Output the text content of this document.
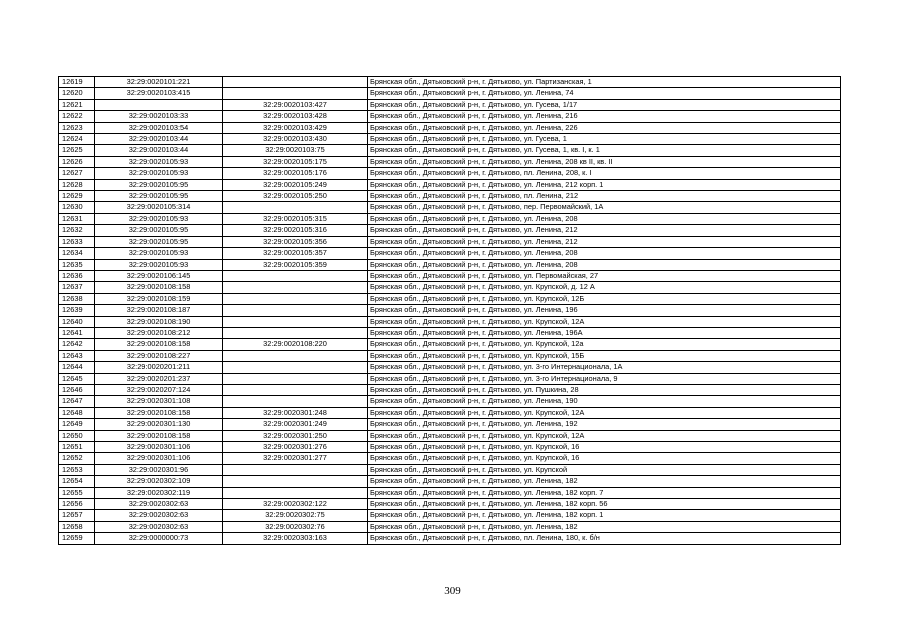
12619	32:29:0020101:221		Брянская обл., Дятьковский р-н, г. Дятьково, ул. Партизанская, 1
12620	32:29:0020103:415		Брянская обл., Дятьковский р-н, г. Дятьково, ул. Ленина, 74
12621		32:29:0020103:427	Брянская обл., Дятьковский р-н, г. Дятьково, ул. Гусева, 1/17
12622	32:29:0020103:33	32:29:0020103:428	Брянская обл., Дятьковский р-н, г. Дятьково, ул. Ленина, 216
12623	32:29:0020103:54	32:29:0020103:429	Брянская обл., Дятьковский р-н, г. Дятьково, ул. Ленина, 226
12624	32:29:0020103:44	32:29:0020103:430	Брянская обл., Дятьковский р-н, г. Дятьково, ул. Гусева, 1
12625	32:29:0020103:44	32:29:0020103:75	Брянская обл., Дятьковский р-н, г. Дятьково, ул. Гусева, 1, кв. I, к. 1
12626	32:29:0020105:93	32:29:0020105:175	Брянская обл., Дятьковский р-н, г. Дятьково, ул. Ленина, 208 кв II, кв. II
12627	32:29:0020105:93	32:29:0020105:176	Брянская обл., Дятьковский р-н, г. Дятьково, пл. Ленина, 208, к. I
12628	32:29:0020105:95	32:29:0020105:249	Брянская обл., Дятьковский р-н, г. Дятьково, ул. Ленина, 212 корп. 1
12629	32:29:0020105:95	32:29:0020105:250	Брянская обл., Дятьковский р-н, г. Дятьково, пл. Ленина, 212
12630	32:29:0020105:314		Брянская обл., Дятьковский р-н, г. Дятьково, пер. Первомайский, 1А
12631	32:29:0020105:93	32:29:0020105:315	Брянская обл., Дятьковский р-н, г. Дятьково, ул. Ленина, 208
12632	32:29:0020105:95	32:29:0020105:316	Брянская обл., Дятьковский р-н, г. Дятьково, ул. Ленина, 212
12633	32:29:0020105:95	32:29:0020105:356	Брянская обл., Дятьковский р-н, г. Дятьково, ул. Ленина, 212
12634	32:29:0020105:93	32:29:0020105:357	Брянская обл., Дятьковский р-н, г. Дятьково, ул. Ленина, 208
12635	32:29:0020105:93	32:29:0020105:359	Брянская обл., Дятьковский р-н, г. Дятьково, ул. Ленина, 208
12636	32:29:0020106:145		Брянская обл., Дятьковский р-н, г. Дятьково, ул. Первомайская, 27
12637	32:29:0020108:158		Брянская обл., Дятьковский р-н, г. Дятьково, ул. Крупской, д. 12 А
12638	32:29:0020108:159		Брянская обл., Дятьковский р-н, г. Дятьково, ул. Крупской, 12Б
12639	32:29:0020108:187		Брянская обл., Дятьковский р-н, г. Дятьково, ул. Ленина, 196
12640	32:29:0020108:190		Брянская обл., Дятьковский р-н, г. Дятьково, ул. Крупской, 12А
12641	32:29:0020108:212		Брянская обл., Дятьковский р-н, г. Дятьково, ул. Ленина, 196А
12642	32:29:0020108:158	32:29:0020108:220	Брянская обл., Дятьковский р-н, г. Дятьково, ул. Крупской, 12а
12643	32:29:0020108:227		Брянская обл., Дятьковский р-н, г. Дятьково, ул. Крупской, 15Б
12644	32:29:0020201:211		Брянская обл., Дятьковский р-н, г. Дятьково, ул. 3-го Интернационала, 1А
12645	32:29:0020201:237		Брянская обл., Дятьковский р-н, г. Дятьково, ул. 3-го Интернационала, 9
12646	32:29:0020207:124		Брянская обл., Дятьковский р-н, г. Дятьково, ул. Пушкина, 28
12647	32:29:0020301:108		Брянская обл., Дятьковский р-н, г. Дятьково, ул. Ленина, 190
12648	32:29:0020108:158	32:29:0020301:248	Брянская обл., Дятьковский р-н, г. Дятьково, ул. Крупской, 12А
12649	32:29:0020301:130	32:29:0020301:249	Брянская обл., Дятьковский р-н, г. Дятьково, ул. Ленина, 192
12650	32:29:0020108:158	32:29:0020301:250	Брянская обл., Дятьковский р-н, г. Дятьково, ул. Крупской, 12А
12651	32:29:0020301:106	32:29:0020301:276	Брянская обл., Дятьковский р-н, г. Дятьково, ул. Крупской, 16
12652	32:29:0020301:106	32:29:0020301:277	Брянская обл., Дятьковский р-н, г. Дятьково, ул. Крупской, 16
12653	32:29:0020301:96		Брянская обл., Дятьковский р-н, г. Дятьково, ул. Крупской
12654	32:29:0020302:109		Брянская обл., Дятьковский р-н, г. Дятьково, ул. Ленина, 182
12655	32:29:0020302:119		Брянская обл., Дятьковский р-н, г. Дятьково, ул. Ленина, 182 корп. 7
12656	32:29:0020302:63	32:29:0020302:122	Брянская обл., Дятьковский р-н, г. Дятьково, ул. Ленина, 182 корп. 56
12657	32:29:0020302:63	32:29:0020302:75	Брянская обл., Дятьковский р-н, г. Дятьково, ул. Ленина, 182 корп. 1
12658	32:29:0020302:63	32:29:0020302:76	Брянская обл., Дятьковский р-н, г. Дятьково, ул. Ленина, 182
12659	32:29:0000000:73	32:29:0020303:163	Брянская обл., Дятьковский р-н, г. Дятьково, пл. Ленина, 180, к. б/н
309
